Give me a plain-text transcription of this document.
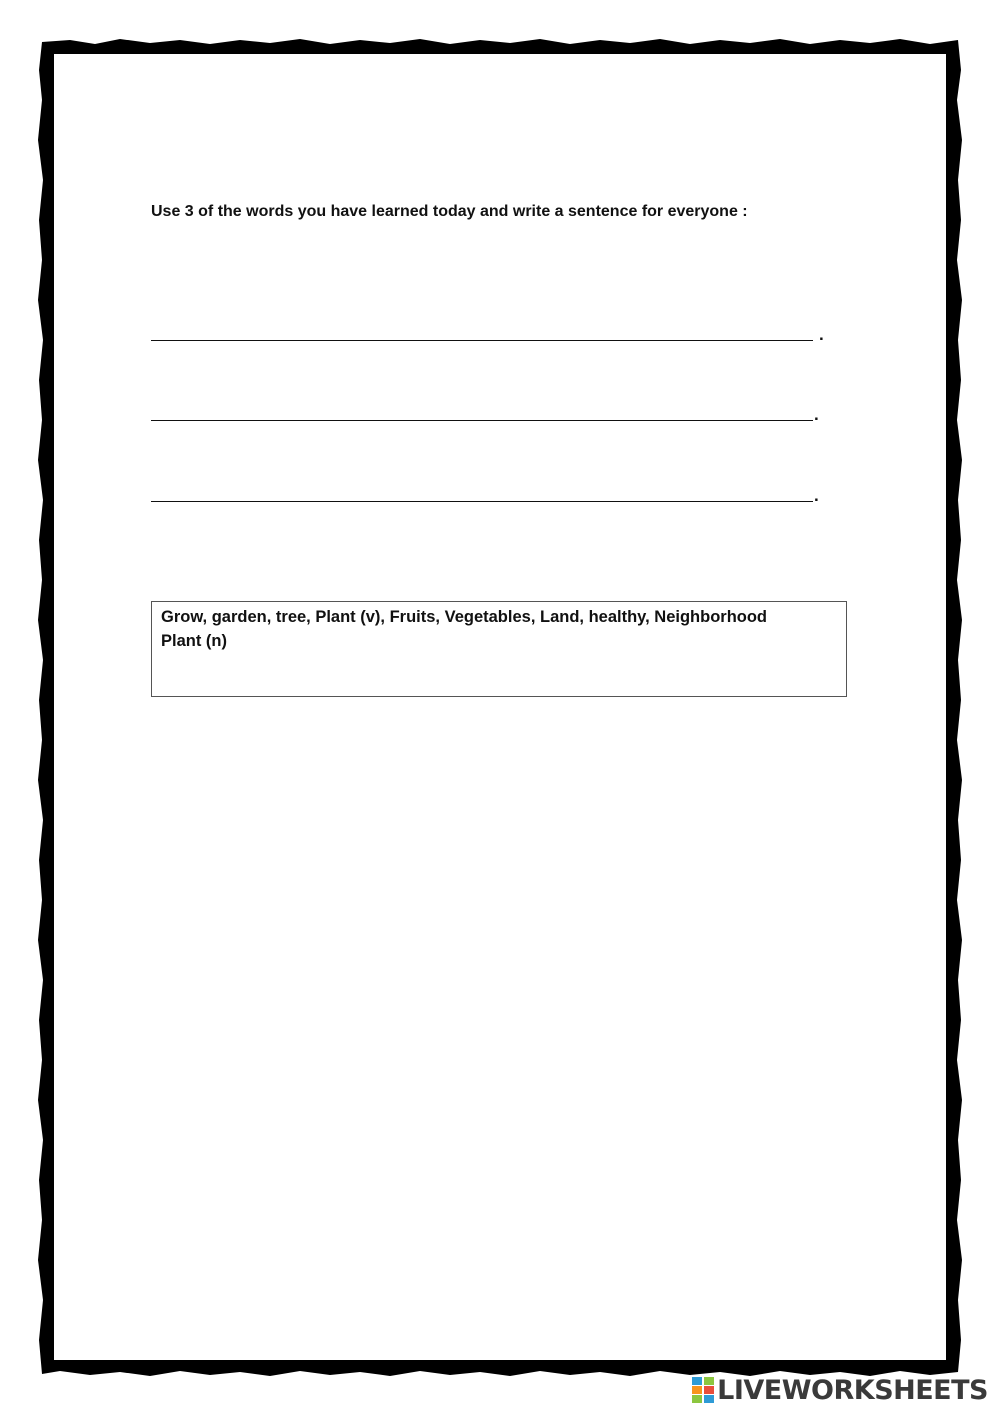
Use 3 of the words you have learned today and write a sentence for everyone :
.
.
.

Grow, garden, tree, Plant (v), Fruits, Vegetables, Land, healthy, Neighborhood

Plant (n)

LIVEWORKSHEETS
